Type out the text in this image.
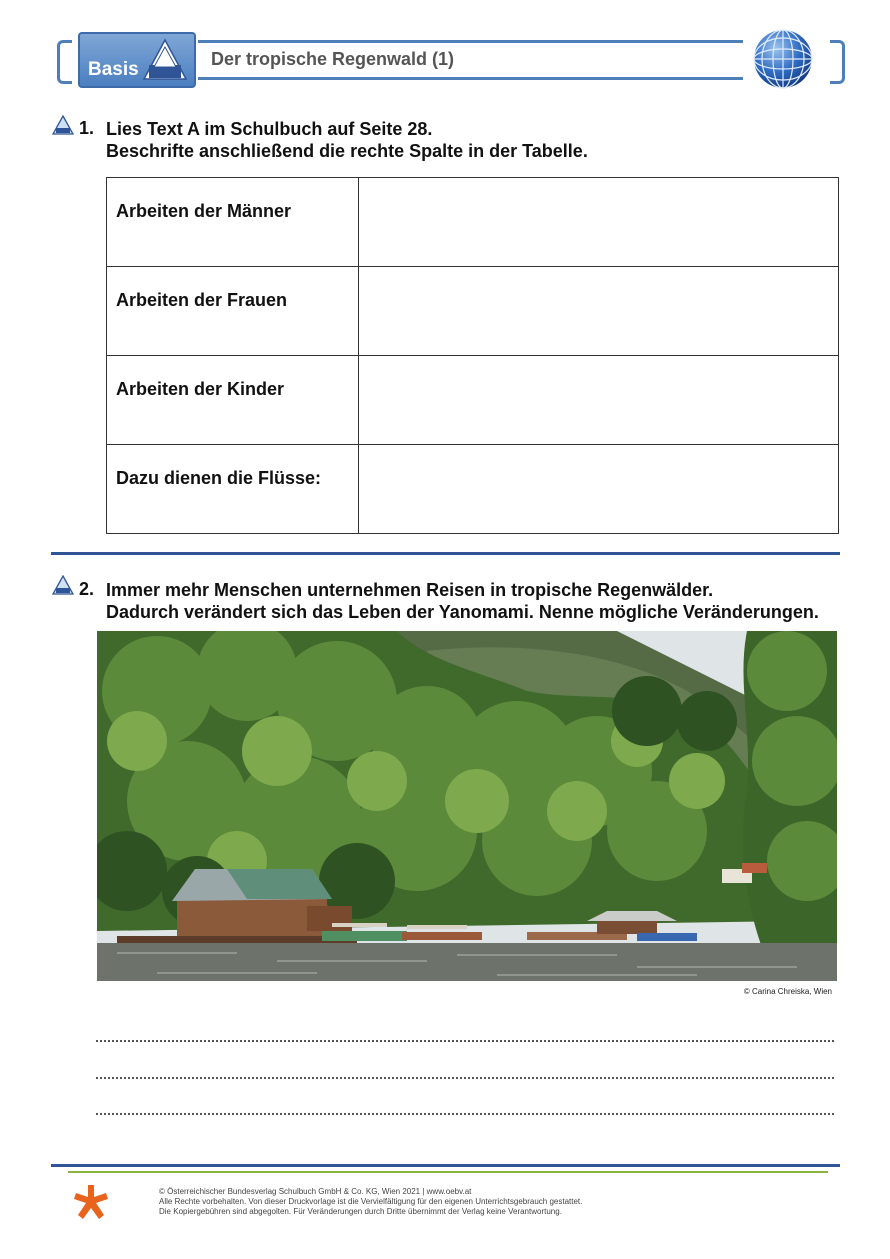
Basis	Der tropische Regenwald (1)
1. Lies Text A im Schulbuch auf Seite 28.
Beschrifte anschließend die rechte Spalte in der Tabelle.
Arbeiten der Männer	
Arbeiten der Frauen	
Arbeiten der Kinder	
Dazu dienen die Flüsse:	
2. Immer mehr Menschen unternehmen Reisen in tropische Regenwälder.
Dadurch verändert sich das Leben der Yanomami. Nenne mögliche Veränderungen.
© Carina Chreiska, Wien
© Österreichischer Bundesverlag Schulbuch GmbH & Co. KG, Wien 2021 | www.oebv.at
Alle Rechte vorbehalten. Von dieser Druckvorlage ist die Vervielfältigung für den eigenen Unterrichtsgebrauch gestattet.
Die Kopiergebühren sind abgegolten. Für Veränderungen durch Dritte übernimmt der Verlag keine Verantwortung.
